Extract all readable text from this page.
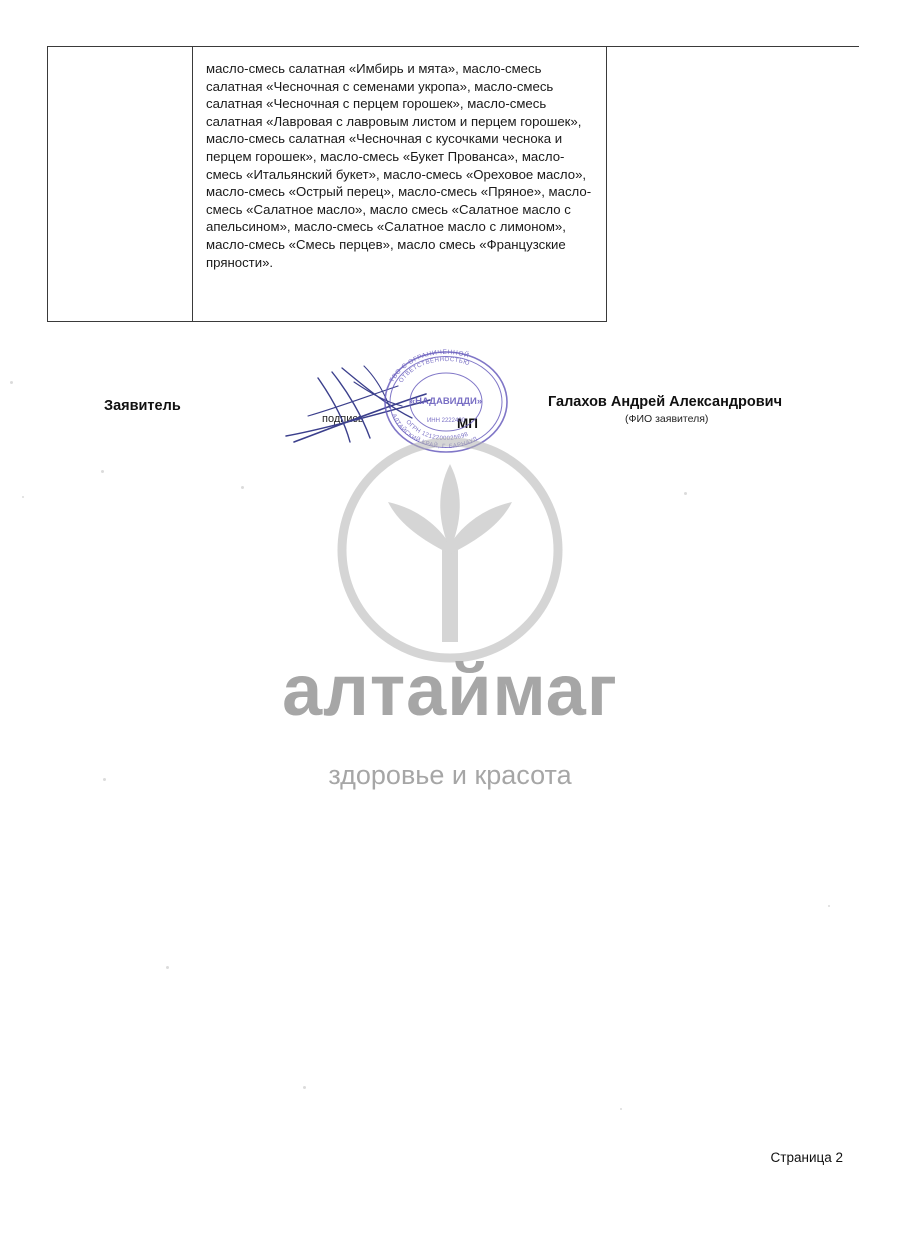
масло-смесь салатная «Имбирь и мята», масло-смесь салатная «Чесночная с семенами укропа», масло-смесь салатная «Чесночная с перцем горошек», масло-смесь салатная «Лавровая с лавровым листом и перцем горошек», масло-смесь салатная «Чесночная с кусочками чеснока и перцем горошек», масло-смесь «Букет Прованса», масло-смесь «Итальянский букет», масло-смесь «Ореховое масло», масло-смесь «Острый перец», масло-смесь «Пряное», масло-смесь «Салатное масло», масло смесь «Салатное масло с апельсином», масло-смесь «Салатное масло с лимоном», масло-смесь «Смесь перцев», масло смесь «Французские пряности».
Заявитель
подпись	МП
Галахов Андрей Александрович
(ФИО заявителя)
ТВО С ОГРАНИЧЕННОЙ
ОТВЕТСТВЕННОСТЬЮ
АЛТАЙСКИЙ КРАЙ, Г. БАРНАУЛ
ОГРН 1212200025698
«НАДАВИДДИ»
ИНН 2222400
алтаймаг
здоровье и красота
Страница 2
